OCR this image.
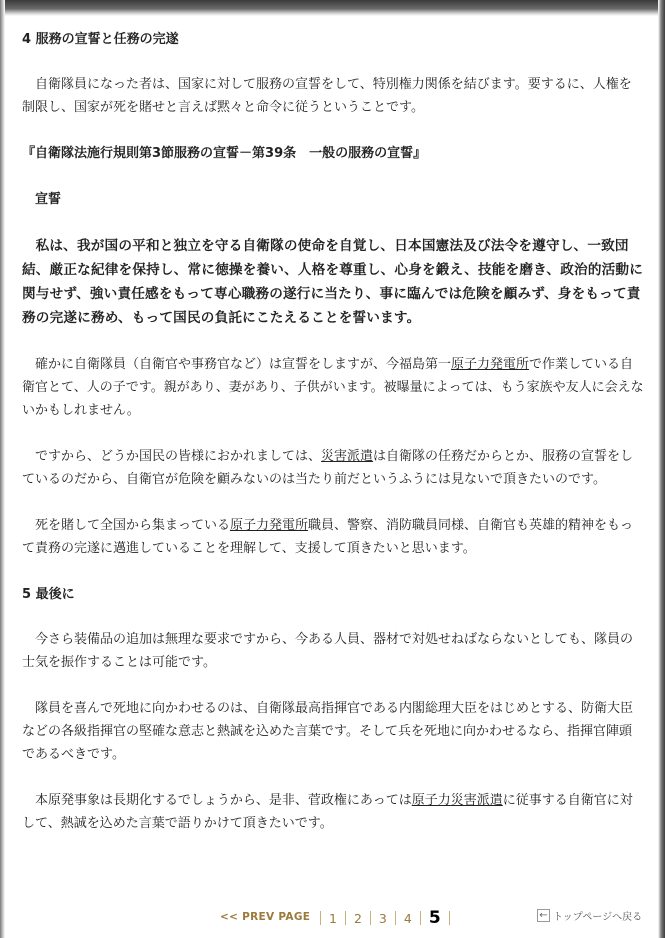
4 服務の宣誓と任務の完遂
自衛隊員になった者は、国家に対して服務の宣誓をして、特別権力関係を結びます。要するに、人権を制限し、国家が死を賭せと言えば黙々と命令に従うということです。
『自衛隊法施行規則第3節服務の宣誓－第39条　一般の服務の宣誓』
宣誓
私は、我が国の平和と独立を守る自衛隊の使命を自覚し、日本国憲法及び法令を遵守し、一致団結、厳正な紀律を保持し、常に徳操を養い、人格を尊重し、心身を鍛え、技能を磨き、政治的活動に関与せず、強い責任感をもって専心職務の遂行に当たり、事に臨んでは危険を顧みず、身をもって責務の完遂に務め、もって国民の負託にこたえることを誓います。
確かに自衛隊員（自衛官や事務官など）は宣誓をしますが、今福島第一原子力発電所で作業している自衛官とて、人の子です。親があり、妻があり、子供がいます。被曝量によっては、もう家族や友人に会えないかもしれません。
ですから、どうか国民の皆様におかれましては、災害派遣は自衛隊の任務だからとか、服務の宣誓をしているのだから、自衛官が危険を顧みないのは当たり前だというふうには見ないで頂きたいのです。
死を賭して全国から集まっている原子力発電所職員、警察、消防職員同様、自衛官も英雄的精神をもって責務の完遂に邁進していることを理解して、支援して頂きたいと思います。
5 最後に
今さら装備品の追加は無理な要求ですから、今ある人員、器材で対処せねばならないとしても、隊員の士気を振作することは可能です。
隊員を喜んで死地に向かわせるのは、自衛隊最高指揮官である内閣総理大臣をはじめとする、防衛大臣などの各級指揮官の堅確な意志と熱誠を込めた言葉です。そして兵を死地に向かわせるなら、指揮官陣頭であるべきです。
本原発事象は長期化するでしょうから、是非、菅政権にあっては原子力災害派遣に従事する自衛官に対して、熱誠を込めた言葉で語りかけて頂きたいです。
<< PREV PAGE 1 2 3 4 5	← トップページへ戻る
